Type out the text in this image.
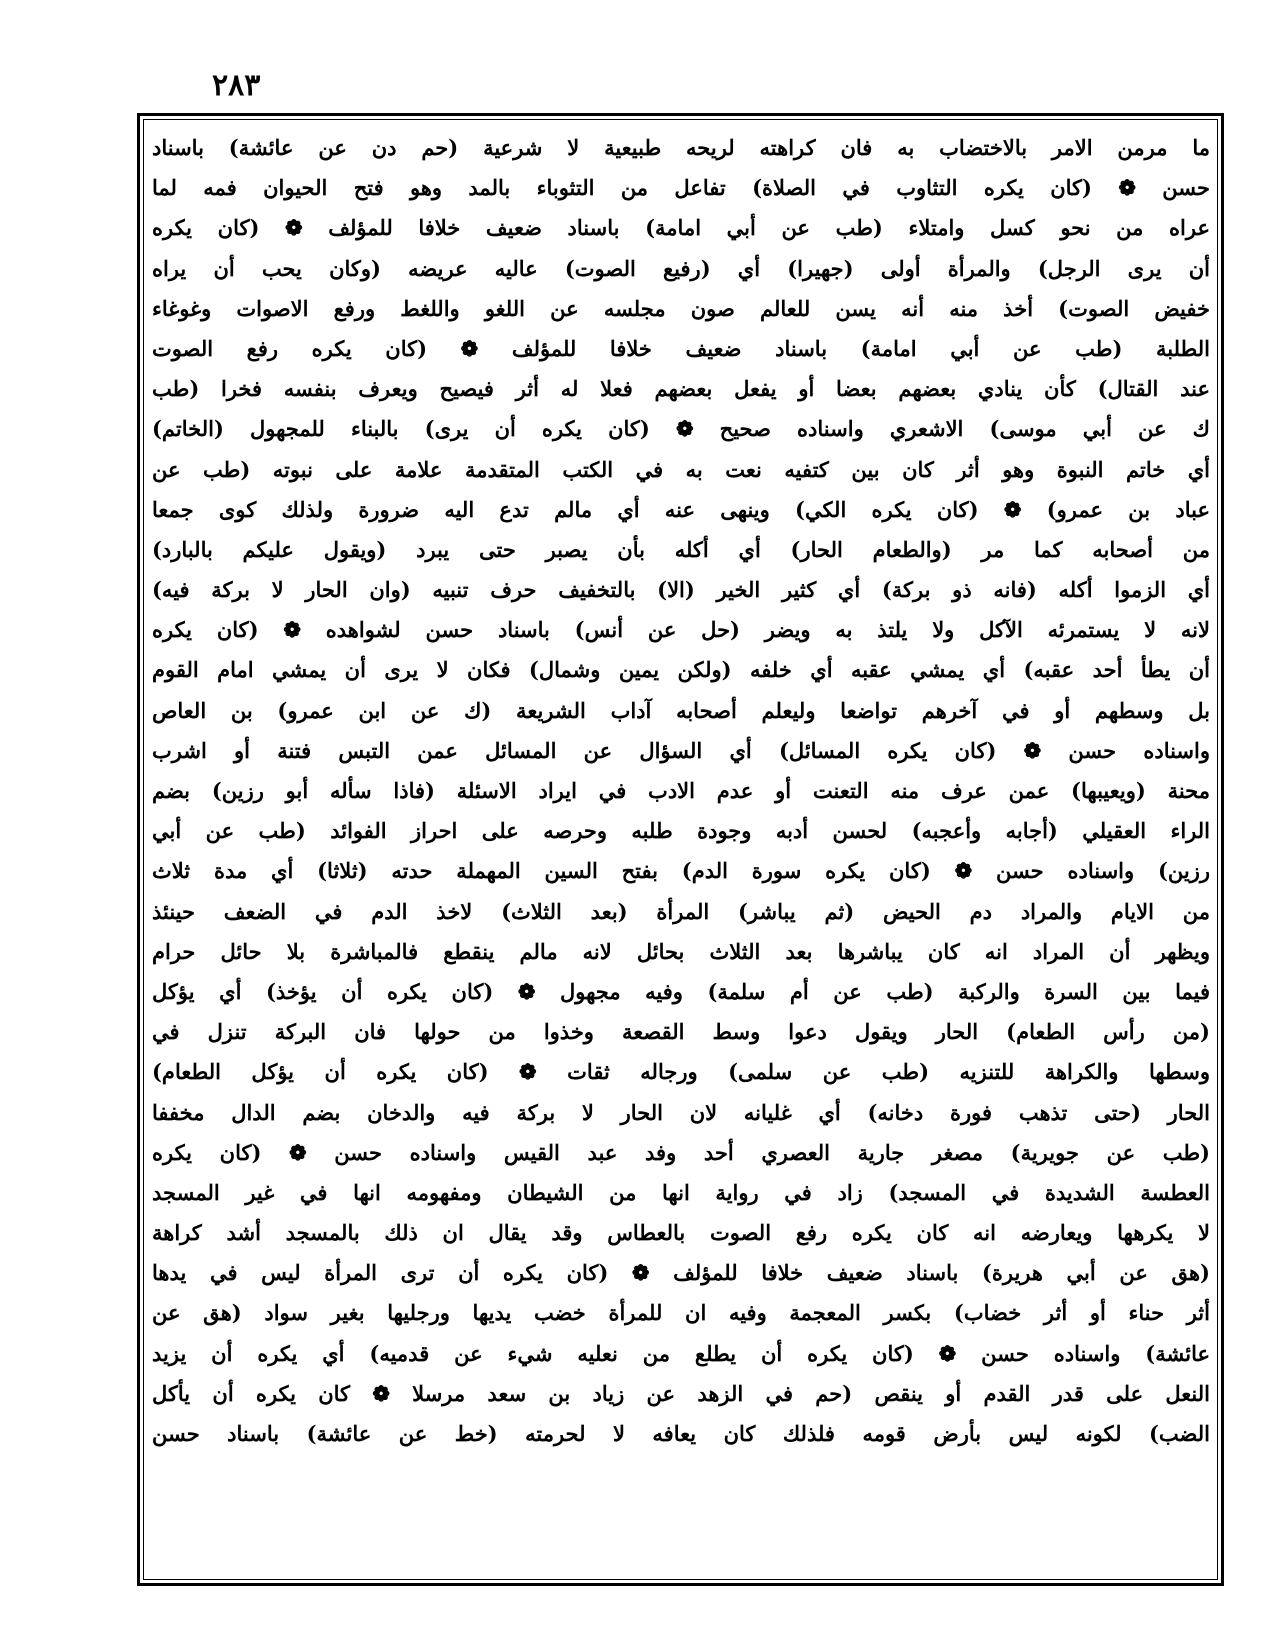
٢٨٣
ما مرمن الامر بالاختضاب به فان كراهته لريحه طبيعية لا شرعية (حم دن عن عائشة) باسناد
حسن ❁ (كان يكره التثاوب في الصلاة) تفاعل من التثوباء بالمد وهو فتح الحيوان فمه لما
عراه من نحو كسل وامتلاء (طب عن أبي امامة) باسناد ضعيف خلافا للمؤلف ❁ (كان يكره
أن يرى الرجل) والمرأة أولى (جهيرا) أي (رفيع الصوت) عاليه عريضه (وكان يحب أن يراه
خفيض الصوت) أخذ منه أنه يسن للعالم صون مجلسه عن اللغو واللغط ورفع الاصوات وغوغاء
الطلبة (طب عن أبي امامة) باسناد ضعيف خلافا للمؤلف ❁ (كان يكره رفع الصوت
عند القتال) كأن ينادي بعضهم بعضا أو يفعل بعضهم فعلا له أثر فيصيح ويعرف بنفسه فخرا (طب
ك عن أبي موسى) الاشعري واسناده صحيح ❁ (كان يكره أن يرى) بالبناء للمجهول (الخاتم)
أي خاتم النبوة وهو أثر كان بين كتفيه نعت به في الكتب المتقدمة علامة على نبوته (طب عن
عباد بن عمرو) ❁ (كان يكره الكي) وينهى عنه أي مالم تدع اليه ضرورة ولذلك كوى جمعا
من أصحابه كما مر (والطعام الحار) أي أكله بأن يصبر حتى يبرد (ويقول عليكم بالبارد)
أي الزموا أكله (فانه ذو بركة) أي كثير الخير (الا) بالتخفيف حرف تنبيه (وان الحار لا بركة فيه)
لانه لا يستمرئه الآكل ولا يلتذ به ويضر (حل عن أنس) باسناد حسن لشواهده ❁ (كان يكره
أن يطأ أحد عقبه) أي يمشي عقبه أي خلفه (ولكن يمين وشمال) فكان لا يرى أن يمشي امام القوم
بل وسطهم أو في آخرهم تواضعا وليعلم أصحابه آداب الشريعة (ك عن ابن عمرو) بن العاص
واسناده حسن ❁ (كان يكره المسائل) أي السؤال عن المسائل عمن التبس فتنة أو اشرب
محنة (ويعيبها) عمن عرف منه التعنت أو عدم الادب في ايراد الاسئلة (فاذا سأله أبو رزين) بضم
الراء العقيلي (أجابه وأعجبه) لحسن أدبه وجودة طلبه وحرصه على احراز الفوائد (طب عن أبي
رزين) واسناده حسن ❁ (كان يكره سورة الدم) بفتح السين المهملة حدته (ثلاثا) أي مدة ثلاث
من الايام والمراد دم الحيض (ثم يباشر) المرأة (بعد الثلاث) لاخذ الدم في الضعف حينئذ
ويظهر أن المراد انه كان يباشرها بعد الثلاث بحائل لانه مالم ينقطع فالمباشرة بلا حائل حرام
فيما بين السرة والركبة (طب عن أم سلمة) وفيه مجهول ❁ (كان يكره أن يؤخذ) أي يؤكل
(من رأس الطعام) الحار ويقول دعوا وسط القصعة وخذوا من حولها فان البركة تنزل في
وسطها والكراهة للتنزيه (طب عن سلمى) ورجاله ثقات ❁ (كان يكره أن يؤكل الطعام)
الحار (حتى تذهب فورة دخانه) أي غليانه لان الحار لا بركة فيه والدخان بضم الدال مخففا
(طب عن جويرية) مصغر جارية العصري أحد وفد عبد القيس واسناده حسن ❁ (كان يكره
العطسة الشديدة في المسجد) زاد في رواية انها من الشيطان ومفهومه انها في غير المسجد
لا يكرهها ويعارضه انه كان يكره رفع الصوت بالعطاس وقد يقال ان ذلك بالمسجد أشد كراهة
(هق عن أبي هريرة) باسناد ضعيف خلافا للمؤلف ❁ (كان يكره أن ترى المرأة ليس في يدها
أثر حناء أو أثر خضاب) بكسر المعجمة وفيه ان للمرأة خضب يديها ورجليها بغير سواد (هق عن
عائشة) واسناده حسن ❁ (كان يكره أن يطلع من نعليه شيء عن قدميه) أي يكره أن يزيد
النعل على قدر القدم أو ينقص (حم في الزهد عن زياد بن سعد مرسلا ❁ كان يكره أن يأكل
الضب) لكونه ليس بأرض قومه فلذلك كان يعافه لا لحرمته (خط عن عائشة) باسناد حسن
